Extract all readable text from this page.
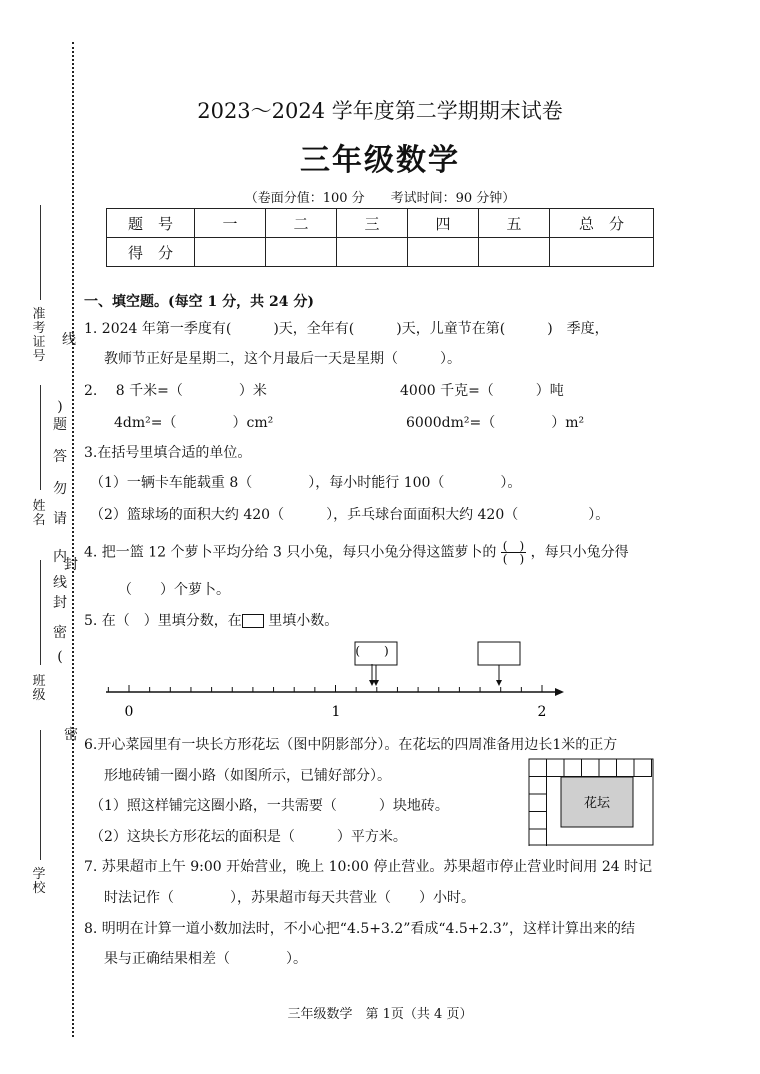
准考证号
姓名
班级
学校
线
(
密
封
线
内
请
勿
答
题
)
封
密
2023～2024 学年度第二学期期末试卷
三年级数学
（卷面分值：100 分　　考试时间：90 分钟）
题　号	一	二	三	四	五	总　分
得　分						
一、填空题。(每空 1 分，共 24 分)
1. 2024 年第一季度有(　　　)天，全年有(　　　)天，儿童节在第(　　　)　季度，
教师节正好是星期二，这个月最后一天是星期（　　　）。
2.　 8 千米=（　　　　）米	4000 千克=（　　　）吨
4dm²=（　　　　）cm²	6000dm²=（　　　　）m²
3.在括号里填合适的单位。
（1）一辆卡车能载重 8（　　　　），每小时能行 100（　　　　）。
（2）篮球场的面积大约 420（　　　），乒乓球台面面积大约 420（　　　　　）。
4. 把一篮 12 个萝卜平均分给 3 只小兔，每只小兔分得这篮萝卜的 $\frac{( )}{( )}$ ，每只小兔分得
（　　）个萝卜。
5. 在（　）里填分数，在 里填小数。
(　　)
0	1	2
6.开心菜园里有一块长方形花坛（图中阴影部分）。在花坛的四周准备用边长1米的正方
形地砖铺一圈小路（如图所示，已铺好部分）。
（1）照这样铺完这圈小路，一共需要（　　　）块地砖。
（2）这块长方形花坛的面积是（　　　）平方米。
花坛
7. 苏果超市上午 9:00 开始营业，晚上 10:00 停止营业。苏果超市停止营业时间用 24 时记
时法记作（　　　　），苏果超市每天共营业（　　）小时。
8. 明明在计算一道小数加法时，不小心把“4.5+3.2”看成“4.5+2.3”，这样计算出来的结
果与正确结果相差（　　　　）。
三年级数学　第 1页（共 4 页）
